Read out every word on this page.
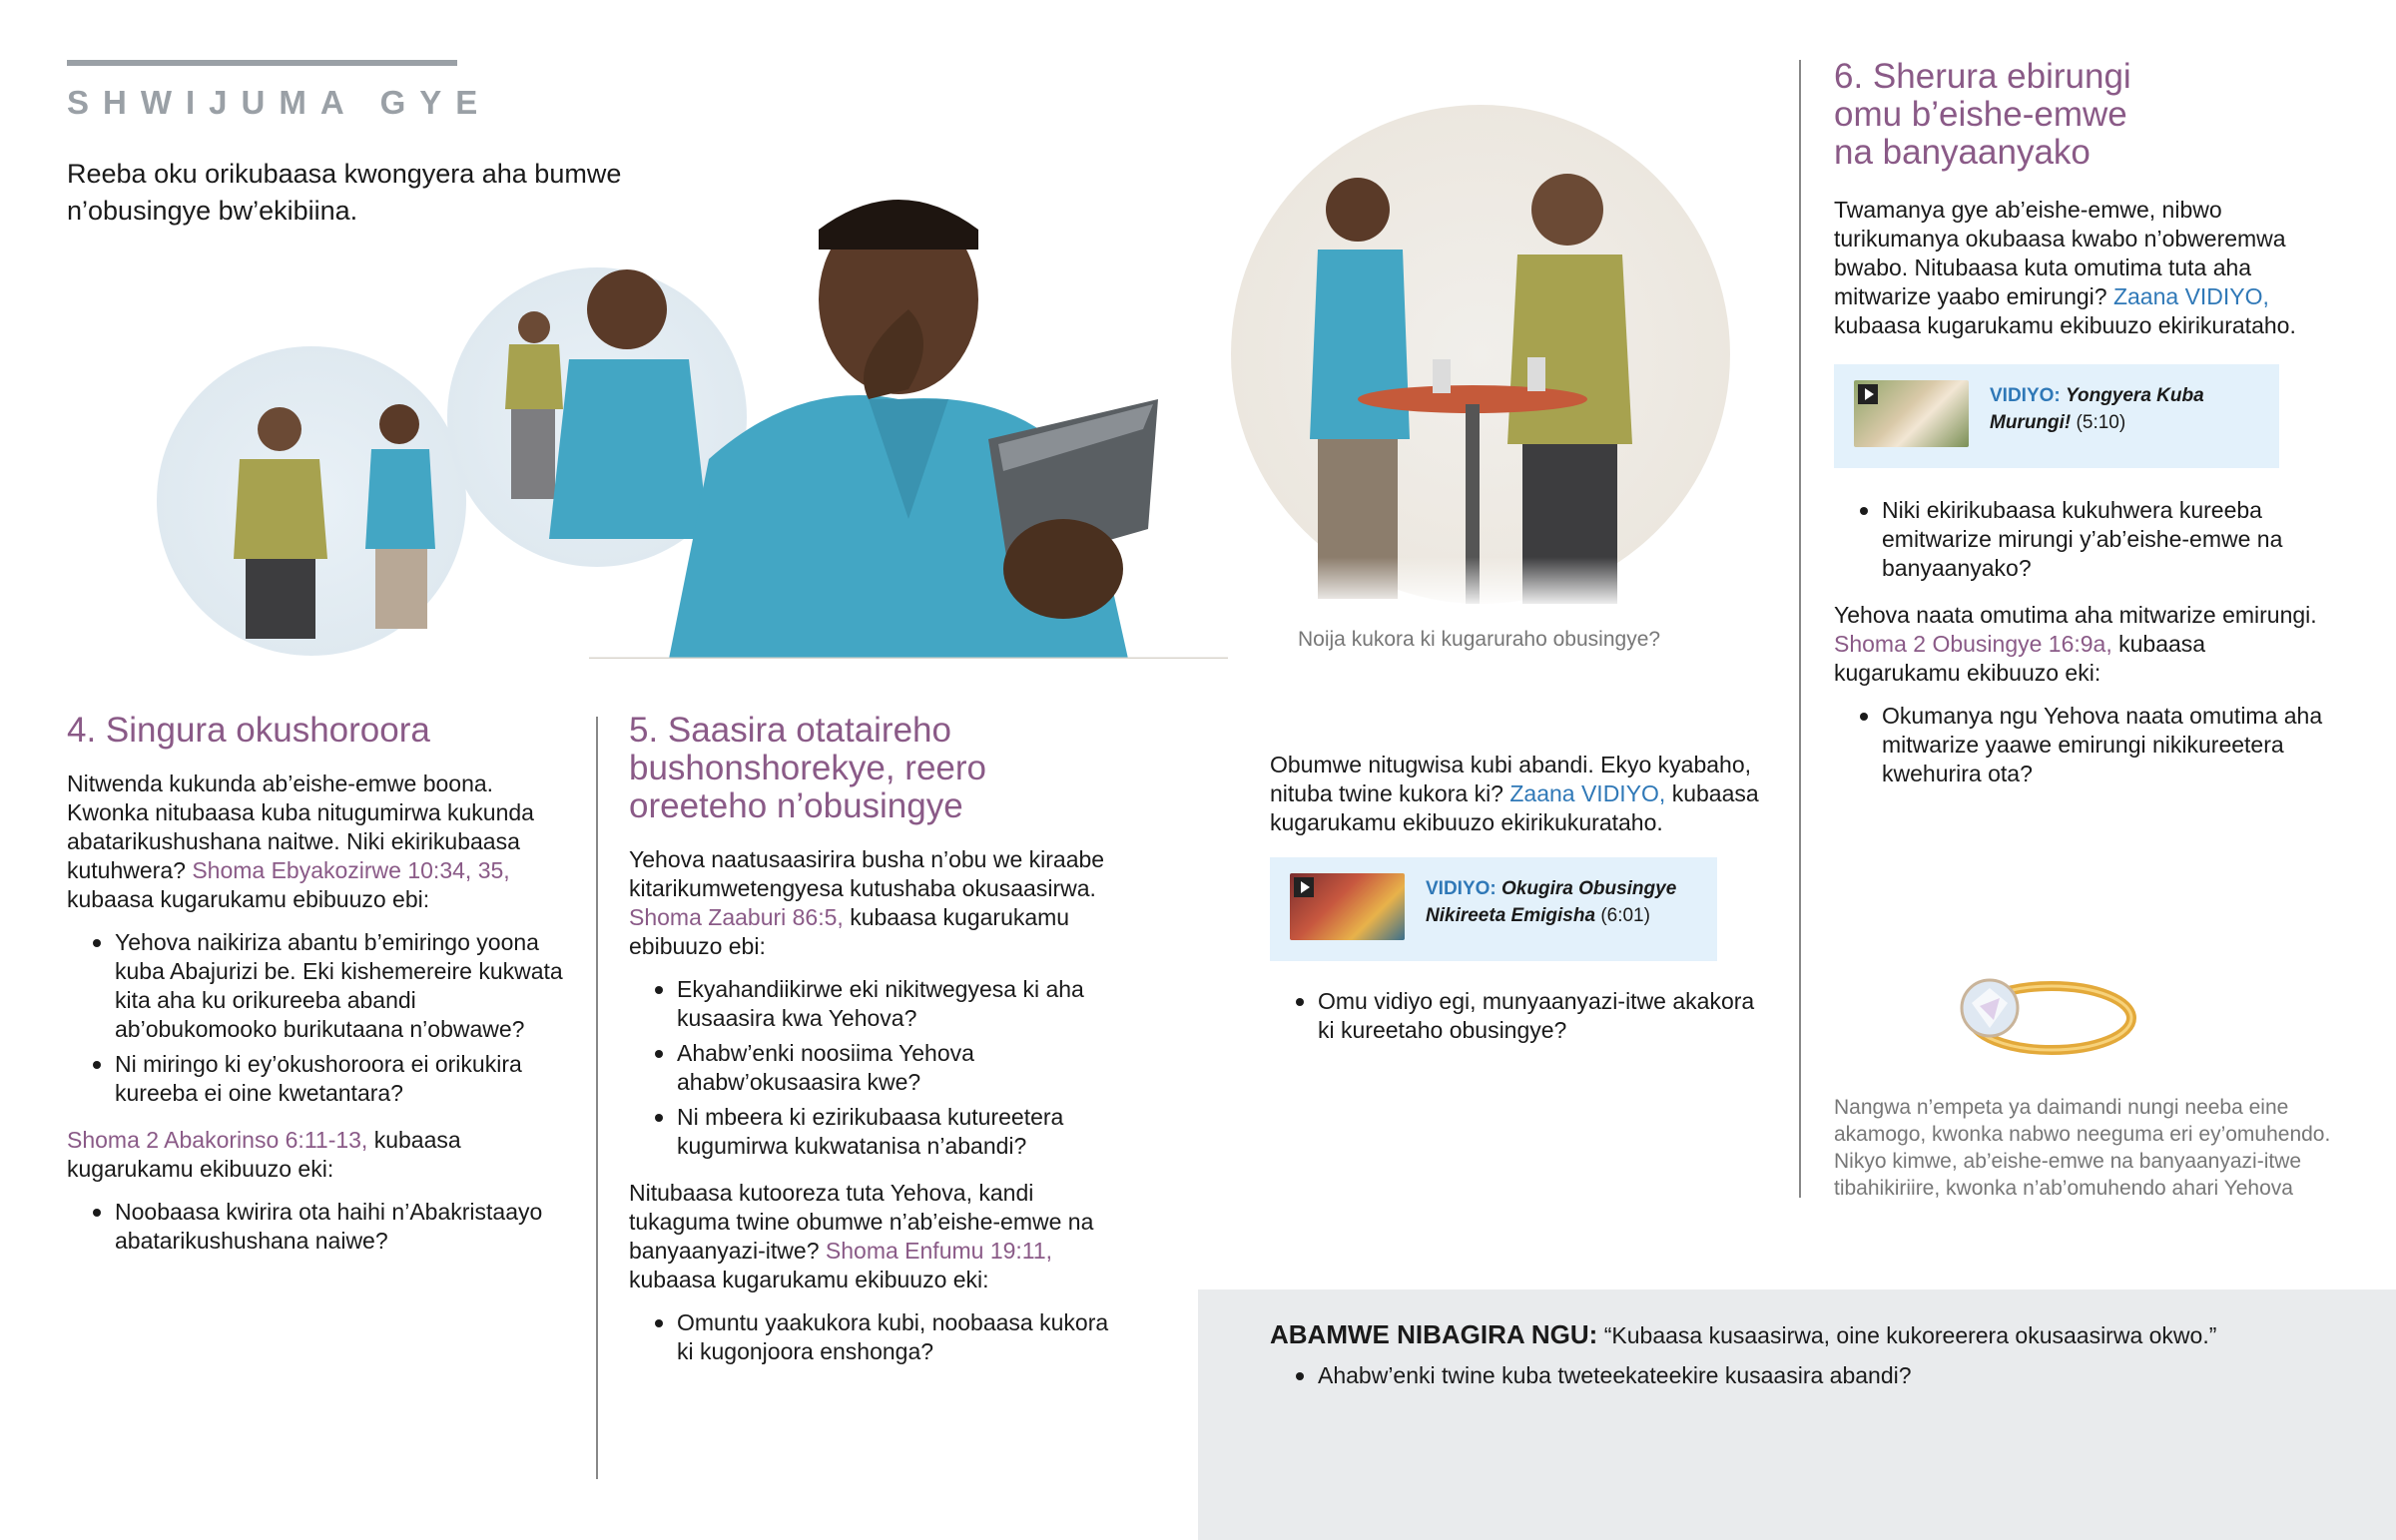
SHWIJUMA GYE
Reeba oku orikubaasa kwongyera aha bumwe n’obusingye bw’ekibiina.
Noija kukora ki kugaruraho obusingye?
4. Singura okushoroora

Nitwenda kukunda ab’eishe-emwe boona. Kwonka nitubaasa kuba nitugumirwa kukunda abatarikushushana naitwe. Niki ekirikubaasa kutuhwera? Shoma Ebyakozirwe 10:34, 35, kubaasa kugarukamu ebibuuzo ebi:

Yehova naikiriza abantu b’emiringo yoona kuba Abajurizi be. Eki kishemereire kukwata kita aha ku orikureeba abandi ab’obukomooko burikutaana n’obwawe?
Ni miringo ki ey’okushoroora ei orikukira kureeba ei oine kwetantara?

Shoma 2 Abakorinso 6:11-13, kubaasa kugarukamu ekibuuzo eki:

Noobaasa kwirira ota haihi n’Abakristaayo abatarikushushana naiwe?
5. Saasira otataireho bushonshorekye, reero oreeteho n’obusingye

Yehova naatusaasirira busha n’obu we kiraabe kitarikumwetengyesa kutushaba okusaasirwa. Shoma Zaaburi 86:5, kubaasa kugarukamu ebibuuzo ebi:

Ekyahandiikirwe eki nikitwegyesa ki aha kusaasira kwa Yehova?
Ahabw’enki noosiima Yehova ahabw’okusaasira kwe?
Ni mbeera ki ezirikubaasa kutureetera kugumirwa kukwatanisa n’abandi?

Nitubaasa kutooreza tuta Yehova, kandi tukaguma twine obumwe n’ab’eishe-emwe na banyaanyazi-itwe? Shoma Enfumu 19:11, kubaasa kugarukamu ekibuuzo eki:

Omuntu yaakukora kubi, noobaasa kukora ki kugonjoora enshonga?

Obumwe nitugwisa kubi abandi. Ekyo kyabaho, nituba twine kukora ki? Zaana VIDIYO, kubaasa kugarukamu ekibuuzo ekirikukurataho.

VIDIYO: Okugira Obusingye Nikireeta Emigisha (6:01)
Omu vidiyo egi, munyaanyazi-itwe akakora ki kureetaho obusingye?
6. Sherura ebirungi
omu b’eishe-emwe
na banyaanyako

Twamanya gye ab’eishe-emwe, nibwo turikumanya okubaasa kwabo n’obweremwa bwabo. Nitubaasa kuta omutima tuta aha mitwarize yaabo emirungi? Zaana VIDIYO, kubaasa kugarukamu ekibuuzo ekirikurataho.

VIDIYO: Yongyera Kuba Murungi! (5:10)
Niki ekirikubaasa kukuhwera kureeba emitwarize mirungi y’ab’eishe-emwe na banyaanyako?

Yehova naata omutima aha mitwarize emirungi. Shoma 2 Obusingye 16:9a, kubaasa kugarukamu ekibuuzo eki:

Okumanya ngu Yehova naata omutima aha mitwarize yaawe emirungi nikikureetera kwehurira ota?
Nangwa n’empeta ya daimandi nungi neeba eine akamogo, kwonka nabwo neeguma eri ey’omuhendo. Nikyo kimwe, ab’eishe-emwe na banyaanyazi-itwe tibahikiriire, kwonka n’ab’omuhendo ahari Yehova
ABAMWE NIBAGIRA NGU: “Kubaasa kusaasirwa, oine kukoreerera okusaasirwa okwo.”
Ahabw’enki twine kuba tweteekateekire kusaasira abandi?
